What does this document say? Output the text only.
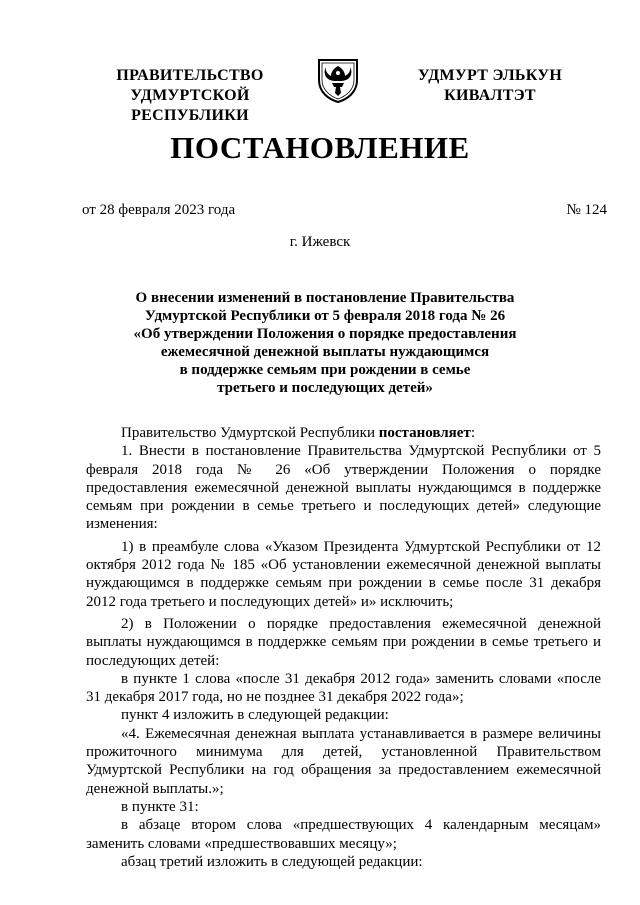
ПРАВИТЕЛЬСТВО
УДМУРТСКОЙ РЕСПУБЛИКИ
УДМУРТ ЭЛЬКУН
КИВАЛТЭТ
ПОСТАНОВЛЕНИЕ
от 28 февраля 2023 года	№ 124
г. Ижевск
О внесении изменений в постановление Правительства
Удмуртской Республики от 5 февраля 2018 года № 26
«Об утверждении Положения о порядке предоставления
ежемесячной денежной выплаты нуждающимся
в поддержке семьям при рождении в семье
третьего и последующих детей»

Правительство Удмуртской Республики постановляет:

1. Внести в постановление Правительства Удмуртской Республики от 5 февраля 2018 года № 26 «Об утверждении Положения о порядке предоставления ежемесячной денежной выплаты нуждающимся в поддержке семьям при рождении в семье третьего и последующих детей» следующие изменения:

1) в преамбуле слова «Указом Президента Удмуртской Республики от 12 октября 2012 года № 185 «Об установлении ежемесячной денежной выплаты нуждающимся в поддержке семьям при рождении в семье после 31 декабря 2012 года третьего и последующих детей» и» исключить;

2) в Положении о порядке предоставления ежемесячной денежной выплаты нуждающимся в поддержке семьям при рождении в семье третьего и последующих детей:

в пункте 1 слова «после 31 декабря 2012 года» заменить словами «после 31 декабря 2017 года, но не позднее 31 декабря 2022 года»;

пункт 4 изложить в следующей редакции:

«4. Ежемесячная денежная выплата устанавливается в размере величины прожиточного минимума для детей, установленной Правительством Удмуртской Республики на год обращения за предоставлением ежемесячной денежной выплаты.»;

в пункте 31:

в абзаце втором слова «предшествующих 4 календарным месяцам» заменить словами «предшествовавших месяцу»;

абзац третий изложить в следующей редакции:
